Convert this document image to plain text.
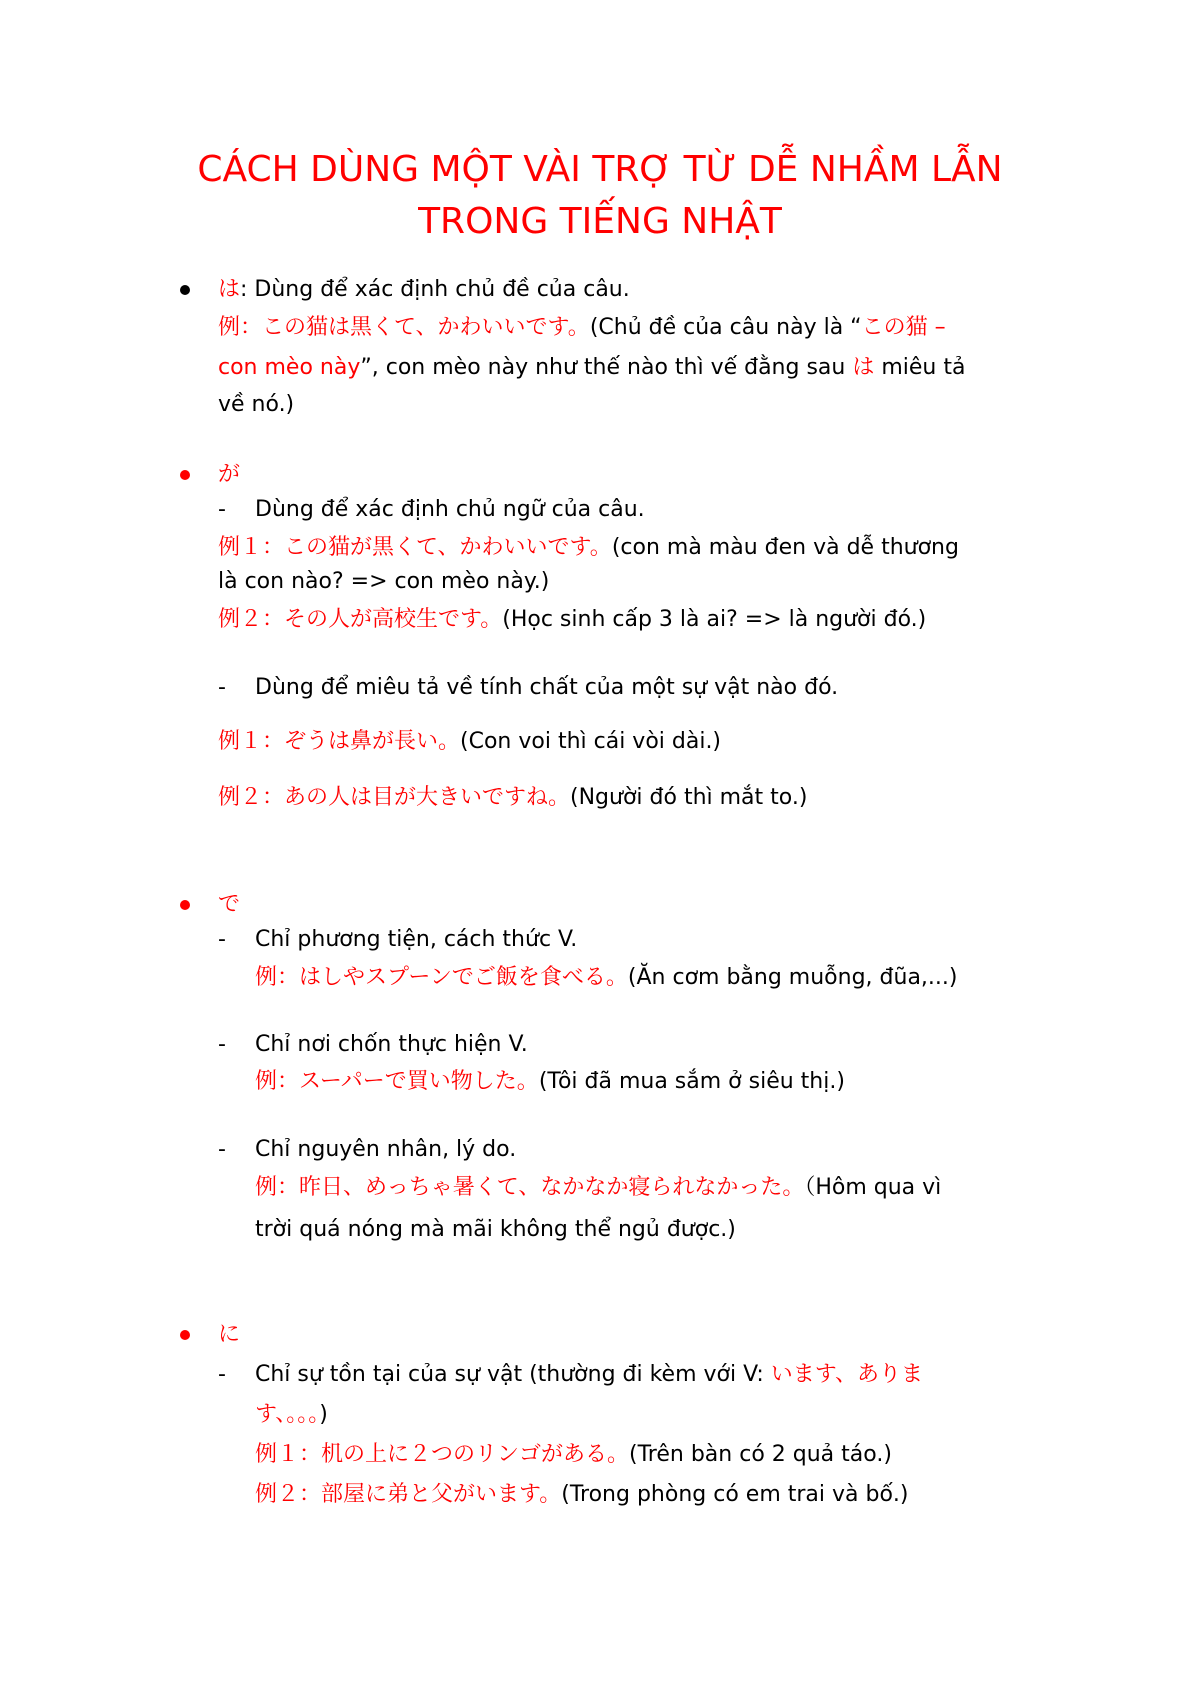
CÁCH DÙNG MỘT VÀI TRỢ TỪ DỄ NHẦM LẪN
TRONG TIẾNG NHẬT
は: Dùng để xác định chủ đề của câu.
例：この猫は黒くて、かわいいです。(Chủ đề của câu này là “この猫 –
con mèo này”, con mèo này như thế nào thì vế đằng sau は miêu tả
về nó.)
が
- Dùng để xác định chủ ngữ của câu.
例１：この猫が黒くて、かわいいです。(con mà màu đen và dễ thương
là con nào? => con mèo này.)
例２：その人が高校生です。(Học sinh cấp 3 là ai? => là người đó.)
- Dùng để miêu tả về tính chất của một sự vật nào đó.
例１：ぞうは鼻が長い。(Con voi thì cái vòi dài.)
例２：あの人は目が大きいですね。(Người đó thì mắt to.)
で
- Chỉ phương tiện, cách thức V.
例：はしやスプーンでご飯を食べる。(Ăn cơm bằng muỗng, đũa,...)
- Chỉ nơi chốn thực hiện V.
例：スーパーで買い物した。(Tôi đã mua sắm ở siêu thị.)
- Chỉ nguyên nhân, lý do.
例：昨日、めっちゃ暑くて、なかなか寝られなかった。（Hôm qua vì
trời quá nóng mà mãi không thể ngủ được.)
に
- Chỉ sự tồn tại của sự vật (thường đi kèm với V: います、ありま
す、。。。)
例１：机の上に２つのリンゴがある。(Trên bàn có 2 quả táo.)
例２：部屋に弟と父がいます。(Trong phòng có em trai và bố.)
